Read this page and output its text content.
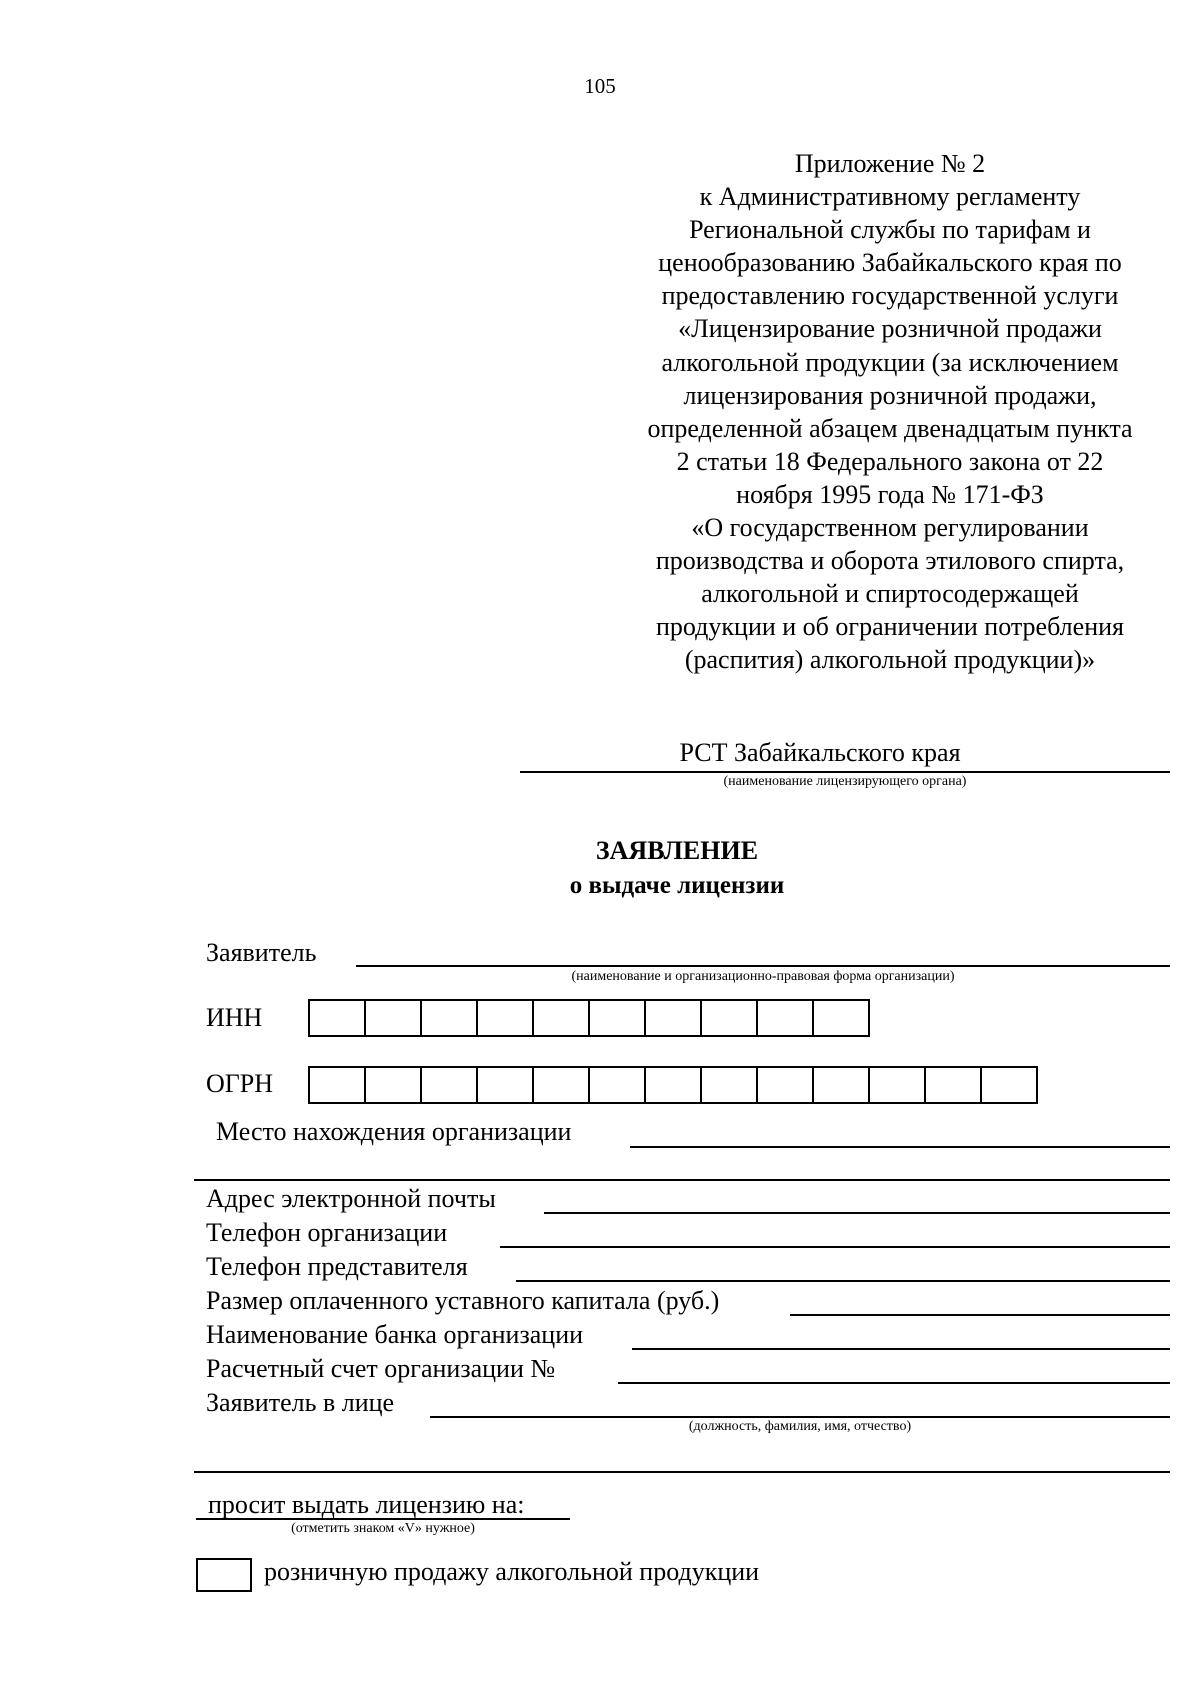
105
Приложение № 2
к Административному регламенту
Региональной службы по тарифам и
ценообразованию Забайкальского края по
предоставлению государственной услуги
«Лицензирование розничной продажи
алкогольной продукции (за исключением
лицензирования розничной продажи,
определенной абзацем двенадцатым пункта
2 статьи 18 Федерального закона от 22
ноября 1995 года № 171-ФЗ
«О государственном регулировании
производства и оборота этилового спирта,
алкогольной и спиртосодержащей
продукции и об ограничении потребления
(распития) алкогольной продукции)»
РСТ Забайкальского края
(наименование лицензирующего органа)
ЗАЯВЛЕНИЕ
о выдаче лицензии
Заявитель
(наименование и организационно-правовая форма организации)
ИНН
ОГРН
Место нахождения организации
Адрес электронной почты
Телефон организации
Телефон представителя
Размер оплаченного уставного капитала (руб.)
Наименование банка организации
Расчетный счет организации №
Заявитель в лице
(должность, фамилия, имя, отчество)
просит выдать лицензию на:
(отметить знаком «V» нужное)
розничную продажу алкогольной продукции
